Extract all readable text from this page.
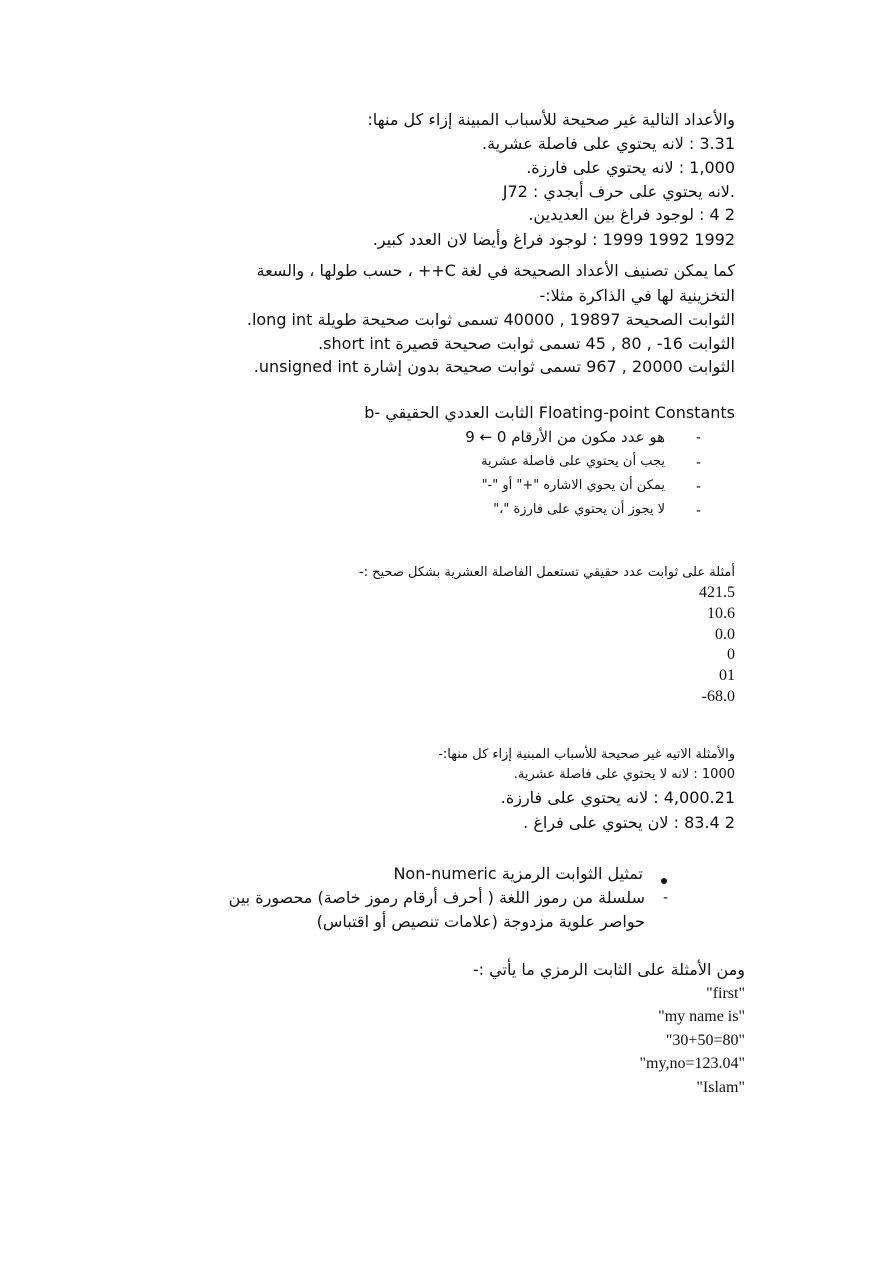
والأعداد التالية غير صحيحة للأسباب المبينة إزاء كل منها:
3.31 : لانه يحتوي على فاصلة عشرية.
1,000 : لانه يحتوي على فارزة.
J72 : لانه يحتوي على حرف أبجدي.
2 4 : لوجود فراغ بين العديدين.
1992 1992 1999 : لوجود فراغ وأيضا لان العدد كبير.
كما يمكن تصنيف الأعداد الصحيحة في لغة C++ ، حسب طولها ، والسعة
التخزينية لها في الذاكرة مثلا:-
الثوابت الصحيحة 19897 , 40000 تسمى ثوابت صحيحة طويلة long int.
الثوابت 16- , 80 , 45 تسمى ثوابت صحيحة قصيرة short int.
الثوابت 20000 , 967 تسمى ثوابت صحيحة بدون إشارة unsigned int.
b- الثابت العددي الحقيقي Floating-point Constants
هو عدد مكون من الأرقام 0 ← 9 -
يجب أن يحتوي على فاصلة عشرية -
يمكن أن يحوي الاشاره "+" أو "-" -
لا يجوز أن يحتوي على فارزة "،" -
أمثلة على ثوابت عدد حقيقي تستعمل الفاصلة العشرية بشكل صحيح :-
421.5
10.6
0.0
0
01
-68.0
والأمثلة الاتيه غير صحيحة للأسباب المبنية إزاء كل منها:-
1000 : لانه لا يحتوي على فاصلة عشرية.
4,000.21 : لانه يحتوي على فارزة.
2 83.4 : لان يحتوي على فراغ .
تمثيل الثوابت الرمزية Non-numeric
سلسلة من رموز اللغة ( أحرف أرقام رموز خاصة) محصورة بين -
حواصر علوية مزدوجة (علامات تنصيص أو اقتباس)
ومن الأمثلة على الثابت الرمزي ما يأتي :-
"first"
"my name is"
"30+50=80"
"my,no=123.04"
"Islam"
